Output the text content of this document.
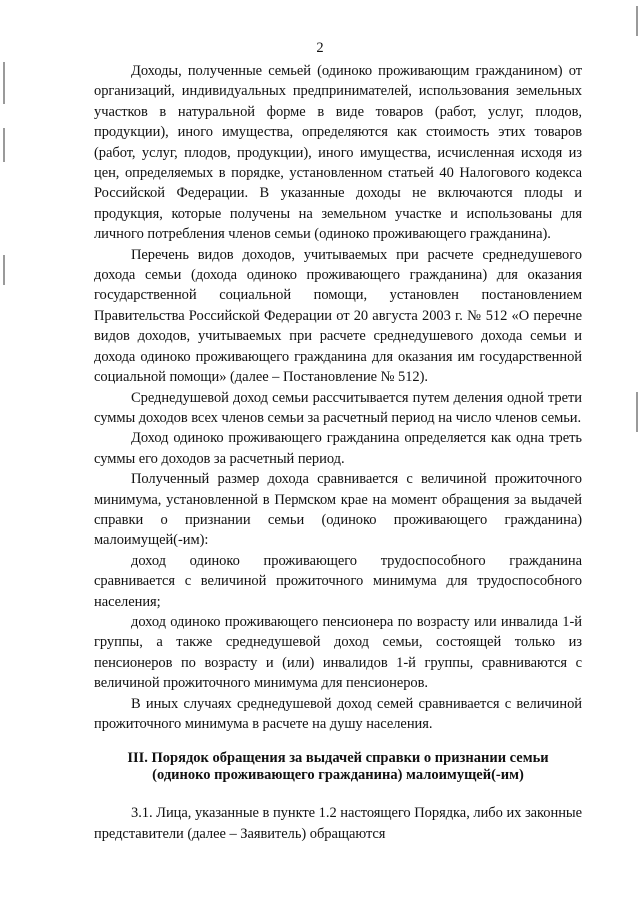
2

Доходы, полученные семьей (одиноко проживающим гражданином) от организаций, индивидуальных предпринимателей, использования земельных участков в натуральной форме в виде товаров (работ, услуг, плодов, продукции), иного имущества, определяются как стоимость этих товаров (работ, услуг, плодов, продукции), иного имущества, исчисленная исходя из цен, определяемых в порядке, установленном статьей 40 Налогового кодекса Российской Федерации. В указанные доходы не включаются плоды и продукция, которые получены на земельном участке и использованы для личного потребления членов семьи (одиноко проживающего гражданина).

Перечень видов доходов, учитываемых при расчете среднедушевого дохода семьи (дохода одиноко проживающего гражданина) для оказания государственной социальной помощи, установлен постановлением Правительства Российской Федерации от 20 августа 2003 г. № 512 «О перечне видов доходов, учитываемых при расчете среднедушевого дохода семьи и дохода одиноко проживающего гражданина для оказания им государственной социальной помощи» (далее – Постановление № 512).

Среднедушевой доход семьи рассчитывается путем деления одной трети суммы доходов всех членов семьи за расчетный период на число членов семьи.

Доход одиноко проживающего гражданина определяется как одна треть суммы его доходов за расчетный период.

Полученный размер дохода сравнивается с величиной прожиточного минимума, установленной в Пермском крае на момент обращения за выдачей справки о признании семьи (одиноко проживающего гражданина) малоимущей(-им):

доход одиноко проживающего трудоспособного гражданина сравнивается с величиной прожиточного минимума для трудоспособного населения;

доход одиноко проживающего пенсионера по возрасту или инвалида 1-й группы, а также среднедушевой доход семьи, состоящей только из пенсионеров по возрасту и (или) инвалидов 1-й группы, сравниваются с величиной прожиточного минимума для пенсионеров.

В иных случаях среднедушевой доход семей сравнивается с величиной прожиточного минимума в расчете на душу населения.

III. Порядок обращения за выдачей справки о признании семьи
(одиноко проживающего гражданина) малоимущей(-им)

3.1. Лица, указанные в пункте 1.2 настоящего Порядка, либо их законные представители (далее – Заявитель) обращаются
